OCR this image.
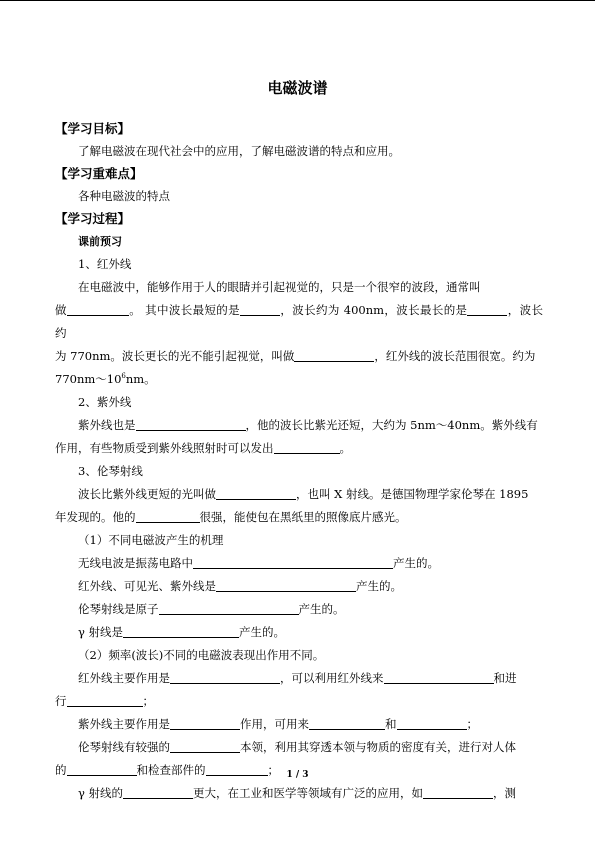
电磁波谱
【学习目标】

了解电磁波在现代社会中的应用，了解电磁波谱的特点和应用。

【学习重难点】

各种电磁波的特点

【学习过程】

课前预习

1、红外线

在电磁波中，能够作用于人的眼睛并引起视觉的，只是一个很窄的波段，通常叫

做	。 其中波长最短的是	，波长约为 400nm，波长最长的是	，波长约

为 770nm。波长更长的光不能引起视觉，叫做	，红外线的波长范围很宽。约为

$770nm\sim 10^6nm$。

2、紫外线

紫外线也是	，他的波长比紫光还短，大约为 5nm～40nm。紫外线有

作用，有些物质受到紫外线照射时可以发出	。

3、伦琴射线

波长比紫外线更短的光叫做	，也叫 X 射线。是德国物理学家伦琴在 1895

年发现的。他的	很强，能使包在黑纸里的照像底片感光。

（1）不同电磁波产生的机理

无线电波是振荡电路中	产生的。

红外线、可见光、紫外线是	产生的。

伦琴射线是原子	产生的。

γ 射线是	产生的。

（2）频率(波长)不同的电磁波表现出作用不同。

红外线主要作用是	，可以利用红外线来	和进

行	；

紫外线主要作用是	作用，可用来	和	；

伦琴射线有较强的	本领，利用其穿透本领与物质的密度有关，进行对人体

的	和检查部件的	；

γ 射线的	更大，在工业和医学等领域有广泛的应用，如	，测

1 / 3
